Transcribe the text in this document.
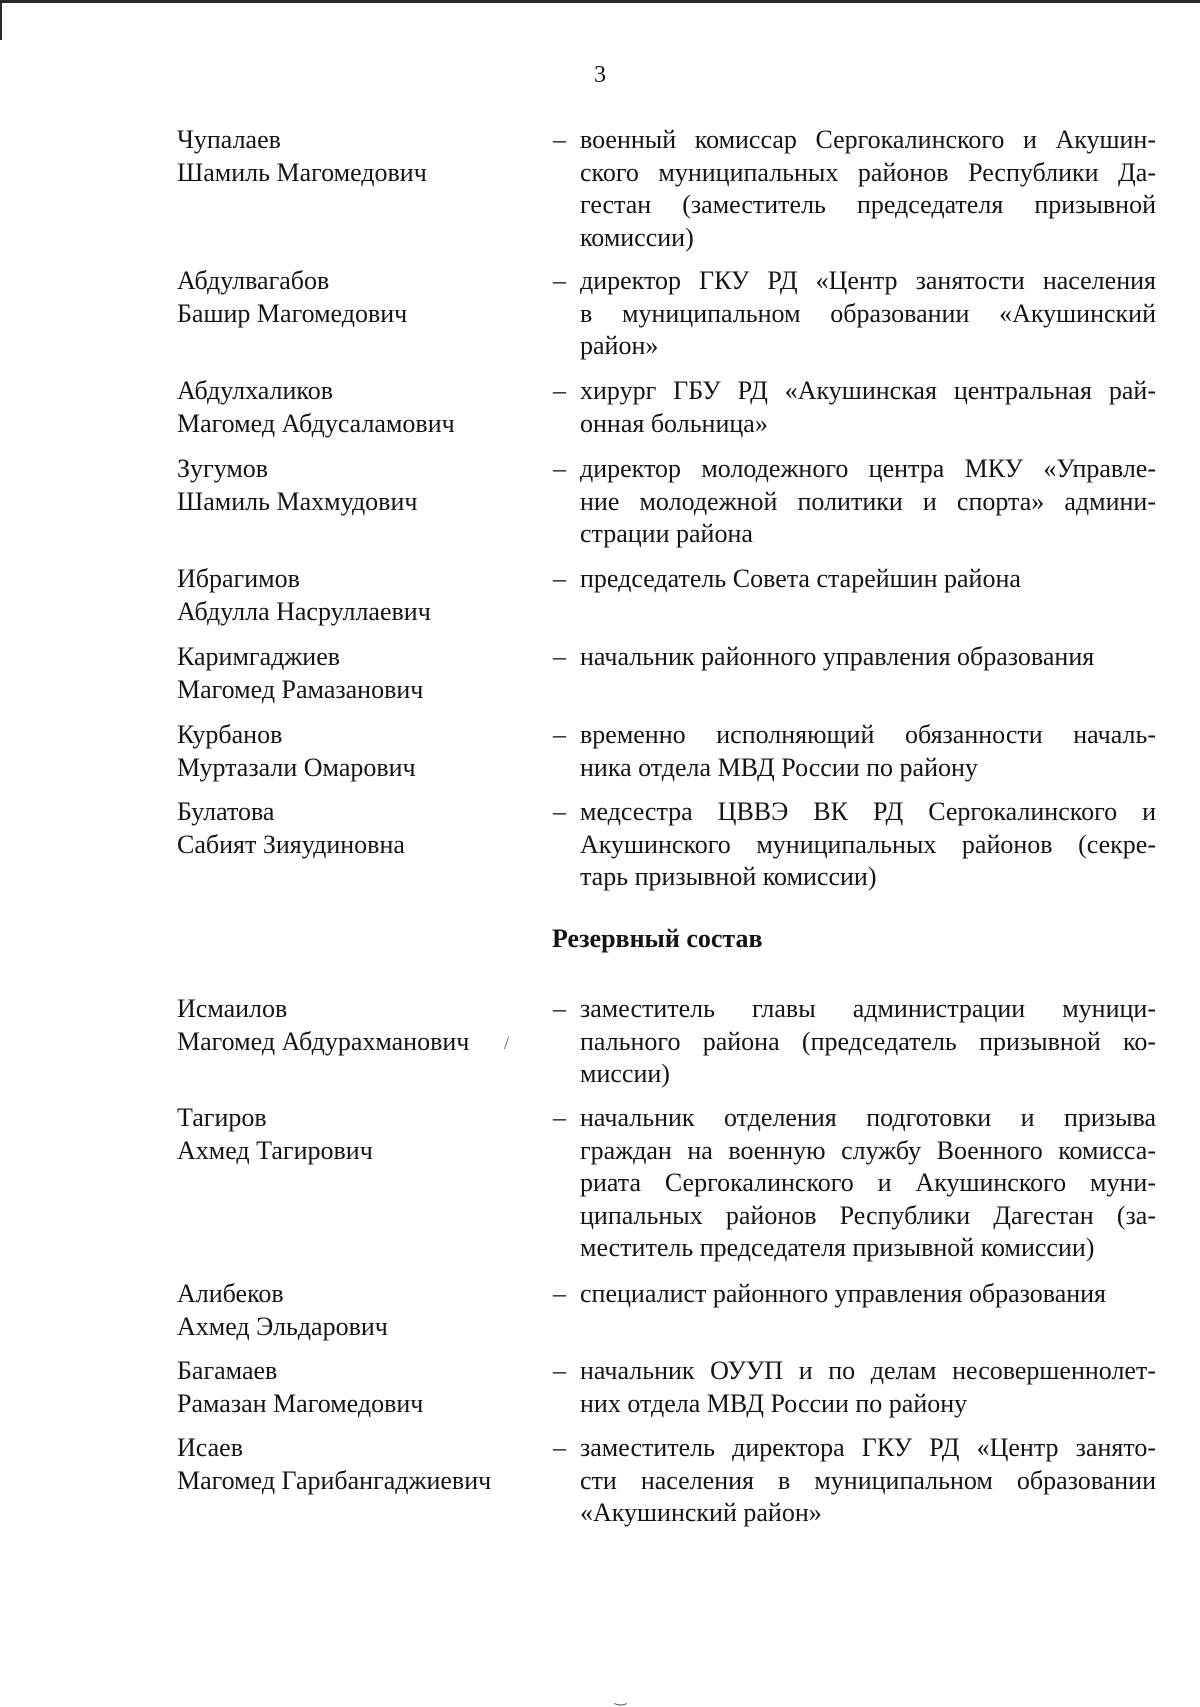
3
Чупалаев
Шамиль Магомедович
– военный комиссар Сергокалинского и Акушин-
ского муниципальных районов Республики Да-
гестан (заместитель председателя призывной
комиссии)
Абдулвагабов
Башир Магомедович
– директор ГКУ РД «Центр занятости населения
в муниципальном образовании «Акушинский
район»
Абдулхаликов
Магомед Абдусаламович
– хирург ГБУ РД «Акушинская центральная рай-
онная больница»
Зугумов
Шамиль Махмудович
– директор молодежного центра МКУ «Управле-
ние молодежной политики и спорта» админи-
страции района
Ибрагимов
Абдулла Насруллаевич
– председатель Совета старейшин района
Каримгаджиев
Магомед Рамазанович
– начальник районного управления образования
Курбанов
Муртазали Омарович
– временно исполняющий обязанности началь-
ника отдела МВД России по району
Булатова
Сабият Зияудиновна
– медсестра ЦВВЭ ВК РД Сергокалинского и
Акушинского муниципальных районов (секре-
тарь призывной комиссии)
Резервный состав
Исмаилов
Магомед Абдурахманович
– заместитель главы администрации муници-
пального района (председатель призывной ко-
миссии)
Тагиров
Ахмед Тагирович
– начальник отделения подготовки и призыва
граждан на военную службу Военного комисса-
риата Сергокалинского и Акушинского муни-
ципальных районов Республики Дагестан (за-
меститель председателя призывной комиссии)
Алибеков
Ахмед Эльдарович
– специалист районного управления образования
Багамаев
Рамазан Магомедович
– начальник ОУУП и по делам несовершеннолет-
них отдела МВД России по району
Исаев
Магомед Гарибангаджиевич
– заместитель директора ГКУ РД «Центр занято-
сти населения в муниципальном образовании
«Акушинский район»
/
‿
